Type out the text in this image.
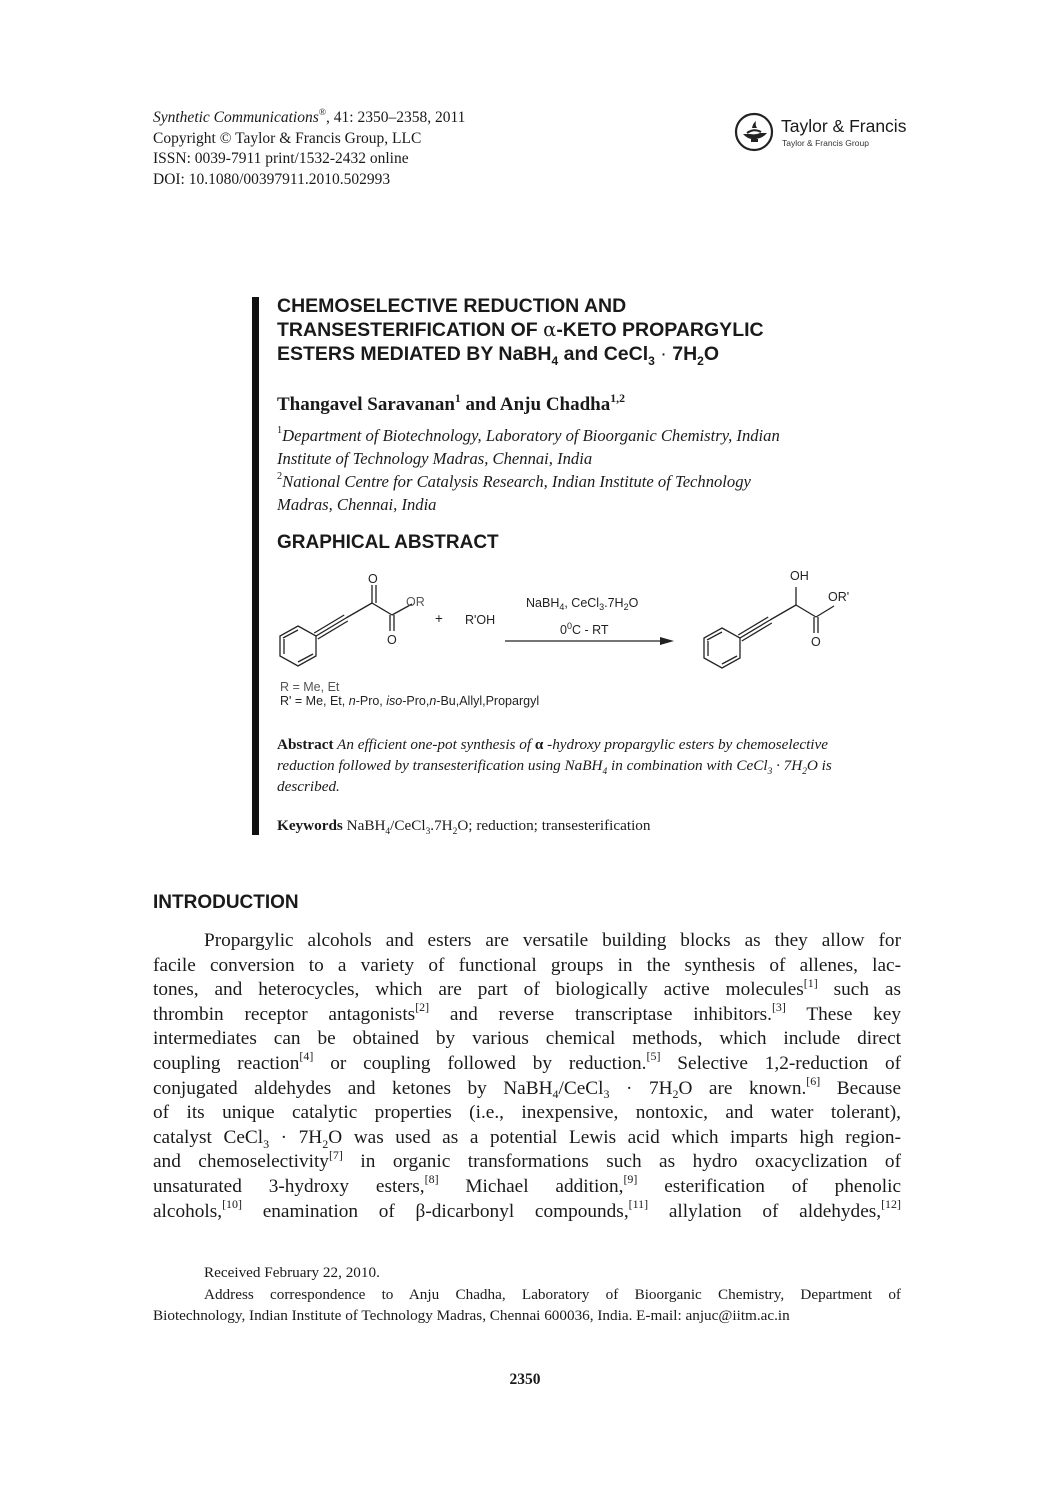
Synthetic Communications®, 41: 2350–2358, 2011
Copyright © Taylor & Francis Group, LLC
ISSN: 0039-7911 print/1532-2432 online
DOI: 10.1080/00397911.2010.502993
Taylor & Francis
Taylor & Francis Group
CHEMOSELECTIVE REDUCTION AND
TRANSESTERIFICATION OF α-KETO PROPARGYLIC
ESTERS MEDIATED BY NaBH$_4$ and CeCl$_3$ · $7H_2O$
Thangavel Saravanan$^1$ and Anju Chadha$^{1,2}$
$^1$Department of Biotechnology, Laboratory of Bioorganic Chemistry, Indian
Institute of Technology Madras, Chennai, India
$^2$National Centre for Catalysis Research, Indian Institute of Technology
Madras, Chennai, India
GRAPHICAL ABSTRACT
O
OR
O
+ R'OH
NaBH$_4$, $CeCl_3.7H_2O$
$0^0C$ - RT
OH
OR'
O
R = Me, Et
R' = Me, Et, n-Pro, iso-Pro,n-Bu,Allyl,Propargyl
Abstract An efficient one-pot synthesis of α -hydroxy propargylic esters by chemoselective
reduction followed by transesterification using NaBH$_4$ in combination with CeCl$_3$ · $7H_2O$ is
described.
Keywords $NaBH_4/CeCl_3.7H_2O$; reduction; transesterification
INTRODUCTION
Propargylic alcohols and esters are versatile building blocks as they allow for
facile conversion to a variety of functional groups in the synthesis of allenes, lac-
tones, and heterocycles, which are part of biologically active molecules[1] such as
thrombin receptor antagonists[2] and reverse transcriptase inhibitors.[3] These key
intermediates can be obtained by various chemical methods, which include direct
coupling reaction[4] or coupling followed by reduction.[5] Selective 1,2-reduction of
conjugated aldehydes and ketones by NaBH$_4$/CeCl$_3$ · $7H_2O$ are known.[6] Because
of its unique catalytic properties (i.e., inexpensive, nontoxic, and water tolerant),
catalyst CeCl$_3$ · $7H_2O$ was used as a potential Lewis acid which imparts high region-
and chemoselectivity[7] in organic transformations such as hydro oxacyclization of
unsaturated 3-hydroxy esters,[8] Michael addition,[9] esterification of phenolic
alcohols,[10] enamination of β-dicarbonyl compounds,[11] allylation of aldehydes,[12]
Received February 22, 2010.
Address correspondence to Anju Chadha, Laboratory of Bioorganic Chemistry, Department of
Biotechnology, Indian Institute of Technology Madras, Chennai 600036, India. E-mail: anjuc@iitm.ac.in
2350
